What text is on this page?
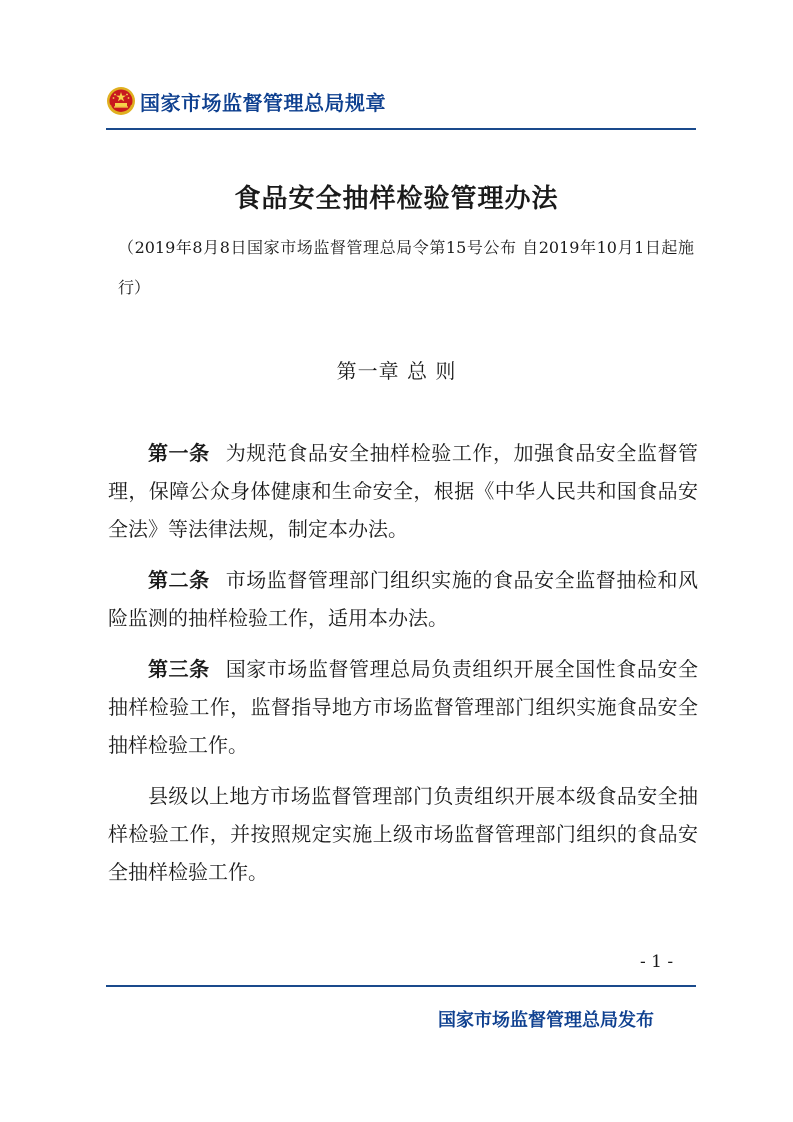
国家市场监督管理总局规章
食品安全抽样检验管理办法
（2019年8月8日国家市场监督管理总局令第15号公布 自2019年10月1日起施行）
第一章 总 则

第一条 为规范食品安全抽样检验工作，加强食品安全监督管理，保障公众身体健康和生命安全，根据《中华人民共和国食品安全法》等法律法规，制定本办法。

第二条 市场监督管理部门组织实施的食品安全监督抽检和风险监测的抽样检验工作，适用本办法。

第三条 国家市场监督管理总局负责组织开展全国性食品安全抽样检验工作，监督指导地方市场监督管理部门组织实施食品安全抽样检验工作。

县级以上地方市场监督管理部门负责组织开展本级食品安全抽样检验工作，并按照规定实施上级市场监督管理部门组织的食品安全抽样检验工作。

- 1 -
国家市场监督管理总局发布
